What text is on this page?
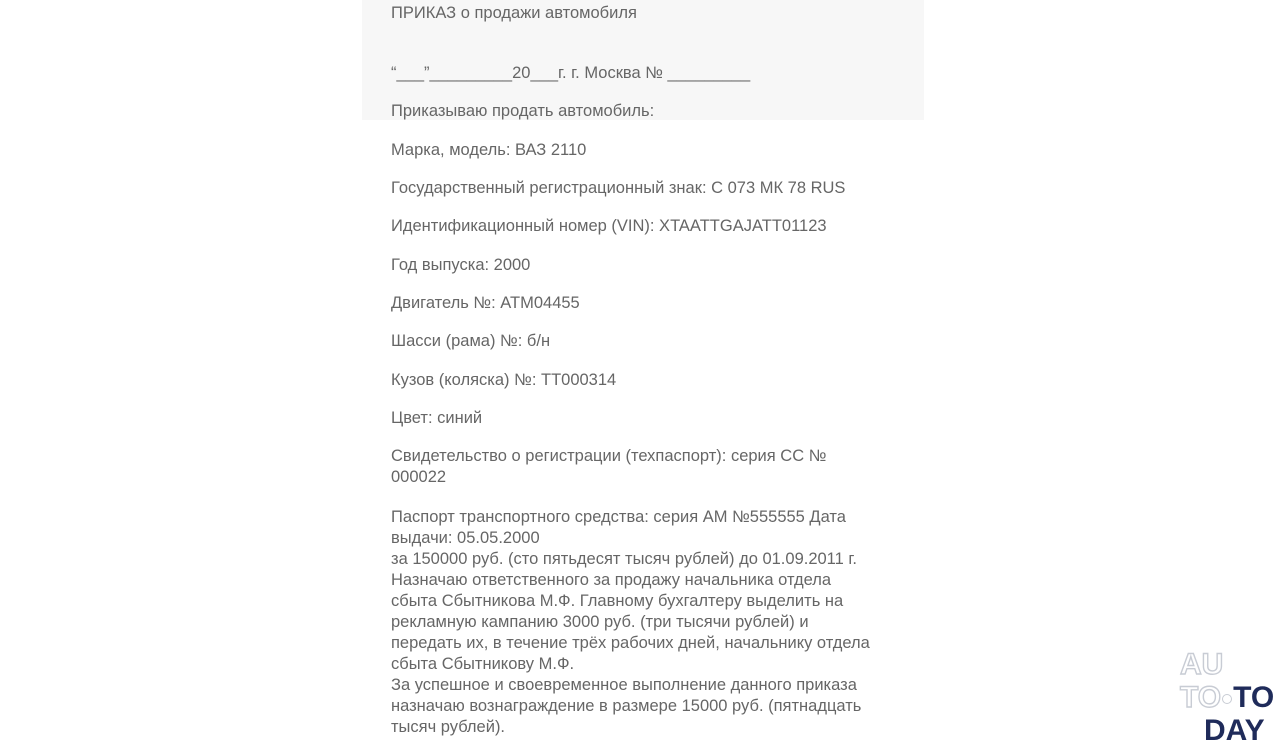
ПРИКАЗ о продажи автомобиля
“___”_________20___г. г. Москва № _________
Приказываю продать автомобиль:
Марка, модель: ВАЗ 2110
Государственный регистрационный знак: С 073 МК 78 RUS
Идентификационный номер (VIN): XTAATTGAJATT01123
Год выпуска: 2000
Двигатель №: АТМ04455
Шасси (рама) №: б/н
Кузов (коляска) №: ТТ000314
Цвет: синий
Свидетельство о регистрации (техпаспорт): серия СС №
000022
Паспорт транспортного средства: серия АМ №555555 Дата
выдачи: 05.05.2000
за 150000 руб. (сто пятьдесят тысяч рублей) до 01.09.2011 г.
Назначаю ответственного за продажу начальника отдела
сбыта Сбытникова М.Ф. Главному бухгалтеру выделить на
рекламную кампанию 3000 руб. (три тысячи рублей) и
передать их, в течение трёх рабочих дней, начальнику отдела
сбыта Сбытникову М.Ф.
За успешное и своевременное выполнение данного приказа
назначаю вознаграждение в размере 15000 руб. (пятнадцать
тысяч рублей).
AU
TO TO
DAY
